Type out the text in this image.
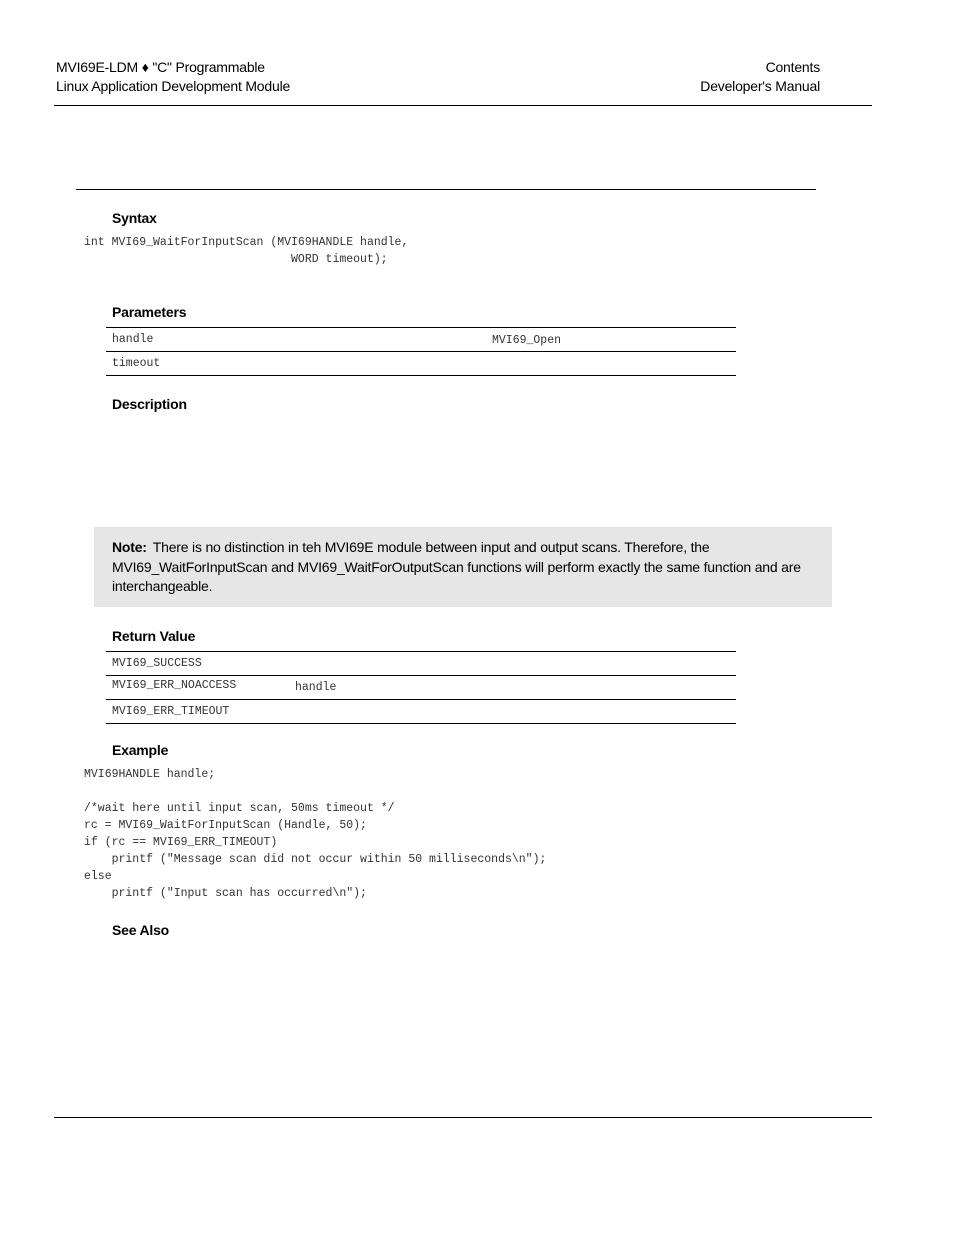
MVI69E-LDM ♦ "C" Programmable
Linux Application Development Module
Contents
Developer's Manual
Syntax
int MVI69_WaitForInputScan (MVI69HANDLE handle,
WORD timeout);
Parameters
handle	MVI69_Open
timeout
Description
Note: There is no distinction in teh MVI69E module between input and output scans. Therefore, the MVI69_WaitForInputScan and MVI69_WaitForOutputScan functions will perform exactly the same function and are interchangeable.
Return Value
MVI69_SUCCESS
MVI69_ERR_NOACCESS	handle
MVI69_ERR_TIMEOUT
Example
MVI69HANDLE handle;

/*wait here until input scan, 50ms timeout */
rc = MVI69_WaitForInputScan (Handle, 50);
if (rc == MVI69_ERR_TIMEOUT)
printf ("Message scan did not occur within 50 milliseconds\n");
else
printf ("Input scan has occurred\n");
See Also
